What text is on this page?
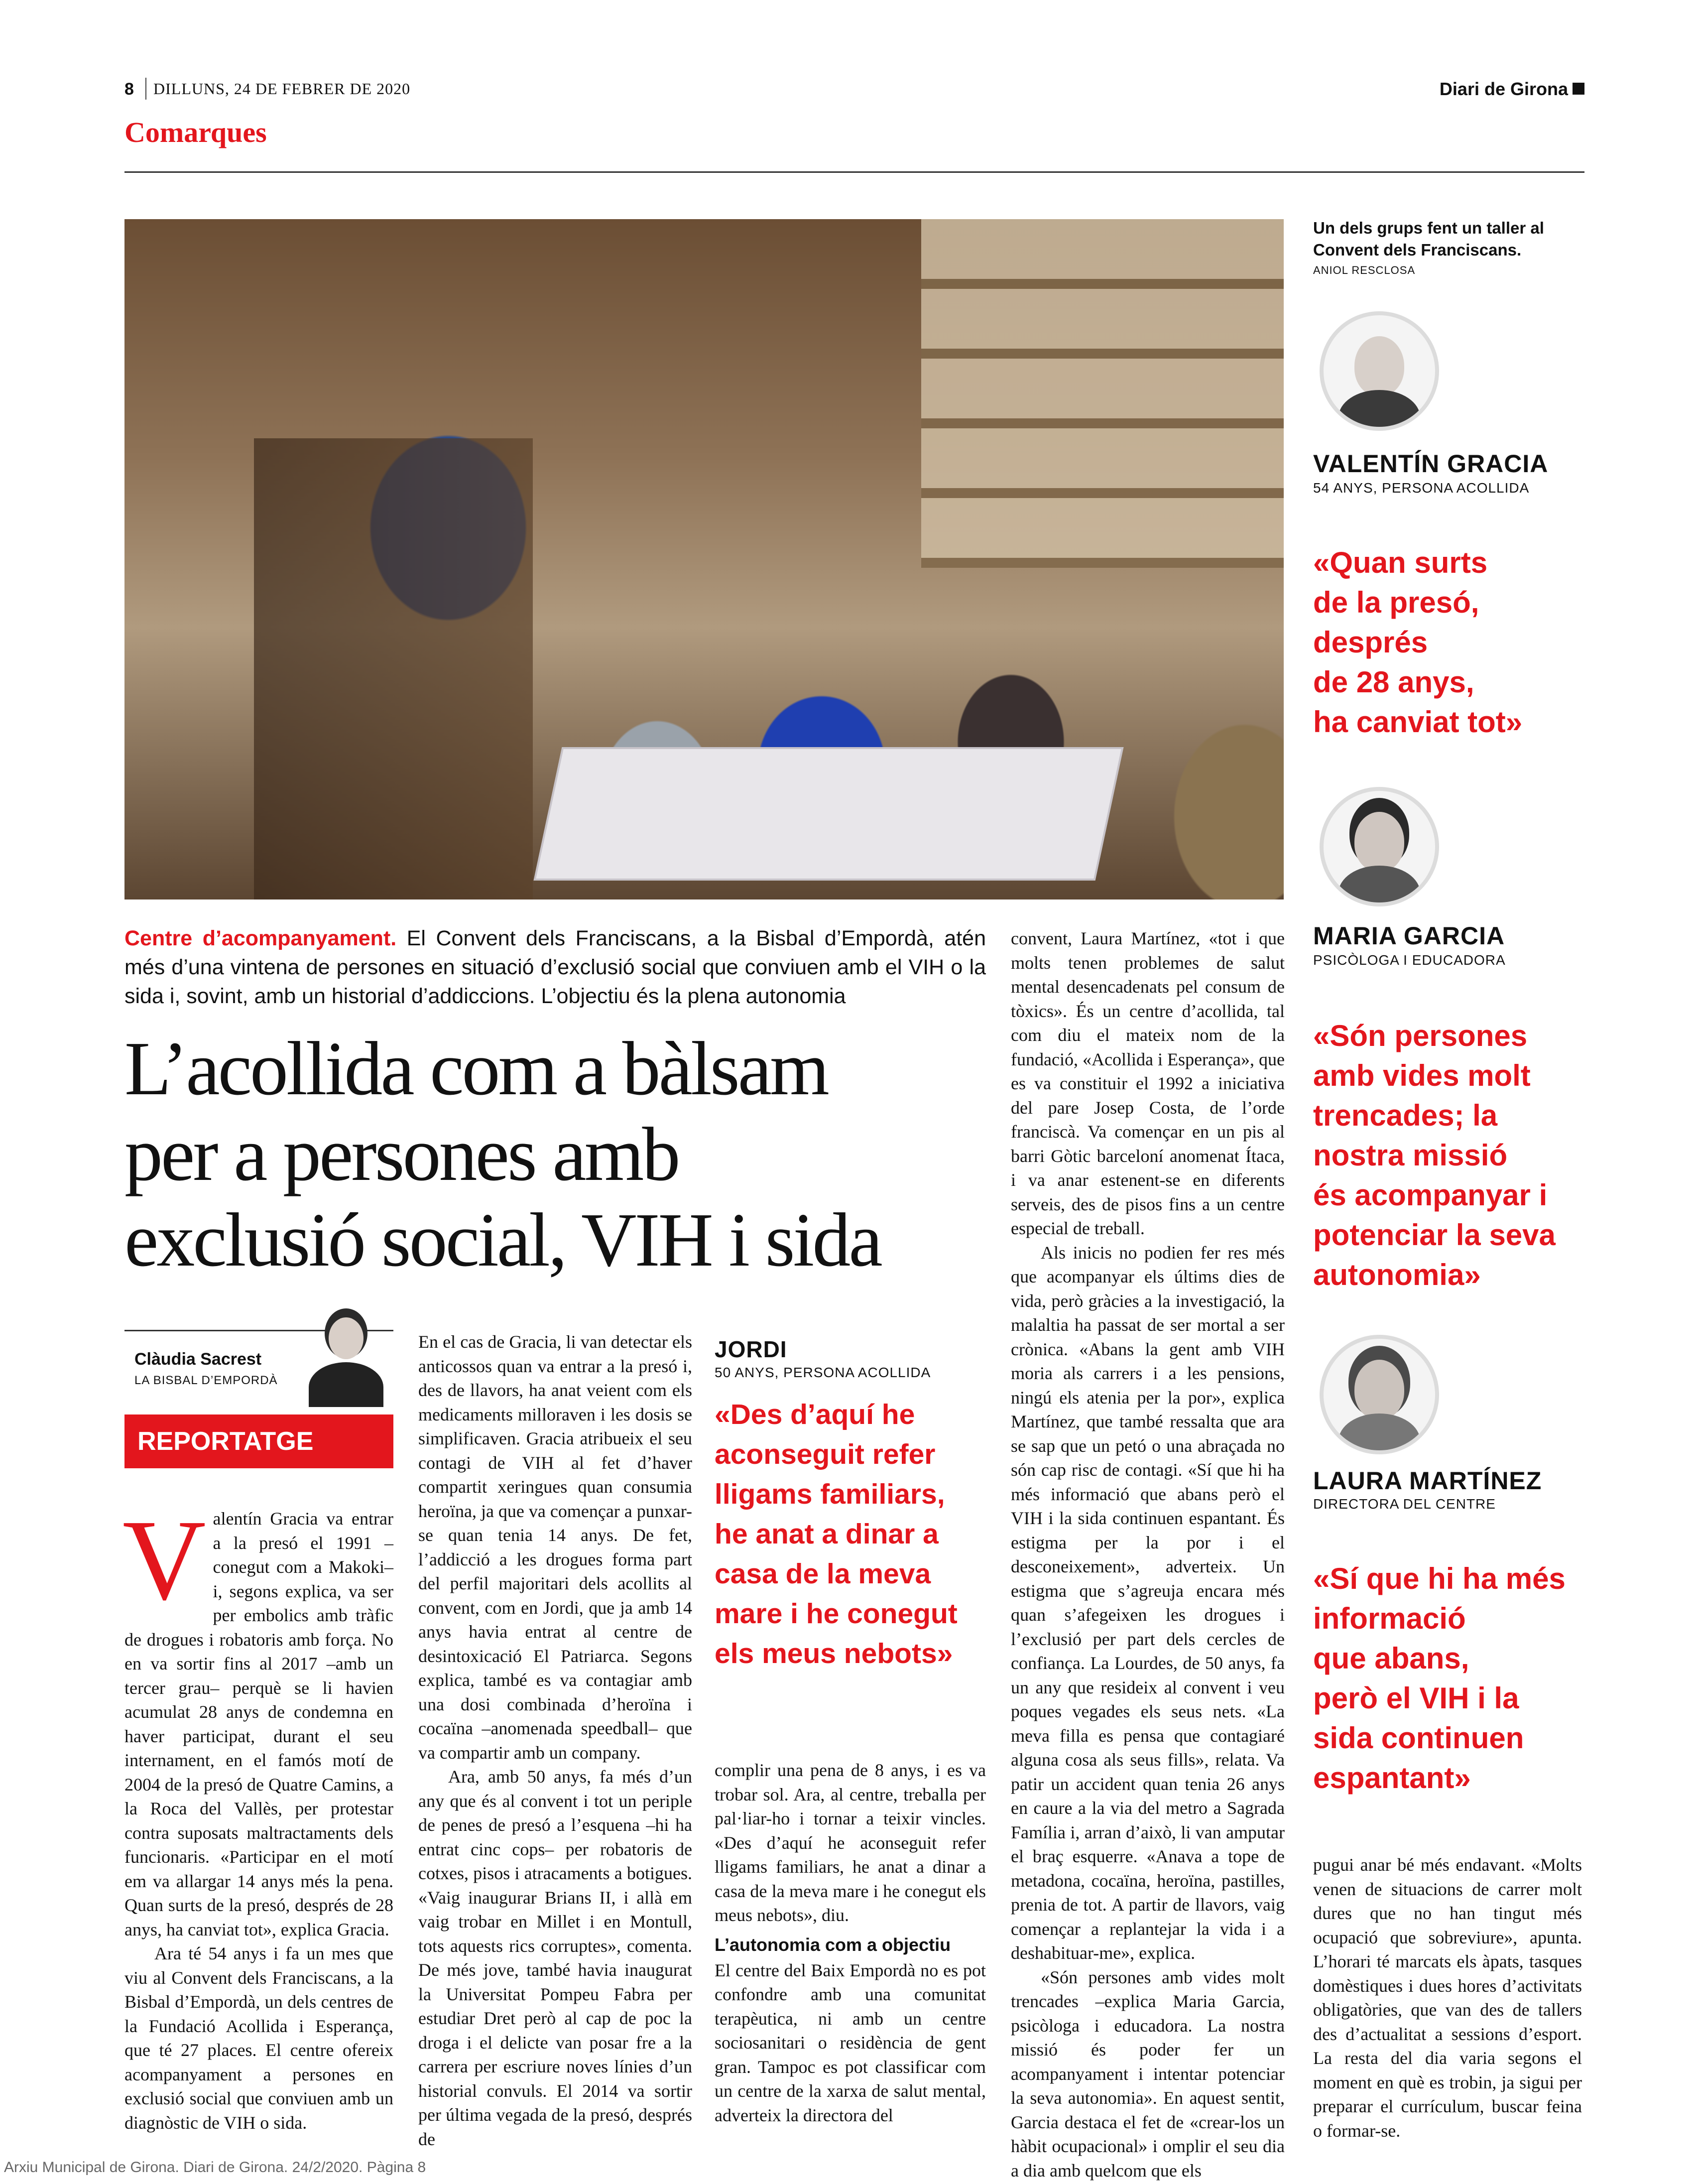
8 DILLUNS, 24 DE FEBRER DE 2020	Diari de Girona
Comarques
Un dels grups fent un taller al Convent dels Franciscans.
ANIOL RESCLOSA
VALENTÍN GRACIA
54 ANYS, PERSONA ACOLLIDA
«Quan surts
de la presó,
després
de 28 anys,
ha canviat tot»
MARIA GARCIA
PSICÒLOGA I EDUCADORA
«Són persones
amb vides molt
trencades; la
nostra missió
és acompanyar i
potenciar la seva
autonomia»
LAURA MARTÍNEZ
DIRECTORA DEL CENTRE
«Sí que hi ha més
informació
que abans,
però el VIH i la
sida continuen
espantant»
Centre d’acompanyament. El Convent dels Franciscans, a la Bisbal d’Empordà, atén més d’una vintena de persones en situació d’exclusió social que conviuen amb el VIH o la sida i, sovint, amb un historial d’addiccions. L’objectiu és la plena autonomia
L’acollida com a bàlsam
per a persones amb
exclusió social, VIH i sida
Clàudia Sacrest
LA BISBAL D’EMPORDÀ
REPORTATGE
V alentín Gracia va entrar a la presó el 1991 –conegut com a Makoki– i, segons explica, va ser per embolics amb tràfic de drogues i robatoris amb força. No en va sortir fins al 2017 –amb un tercer grau– perquè se li havien acumulat 28 anys de condemna en haver participat, durant el seu internament, en el famós motí de 2004 de la presó de Quatre Camins, a la Roca del Vallès, per protestar contra suposats maltractaments dels funcionaris. «Participar en el motí em va allargar 14 anys més la pena. Quan surts de la presó, després de 28 anys, ha canviat tot», explica Gracia.

Ara té 54 anys i fa un mes que viu al Convent dels Franciscans, a la Bisbal d’Empordà, un dels centres de la Fundació Acollida i Esperança, que té 27 places. El centre ofereix acompanyament a persones en exclusió social que conviuen amb un diagnòstic de VIH o sida.

En el cas de Gracia, li van detectar els anticossos quan va entrar a la presó i, des de llavors, ha anat veient com els medicaments milloraven i les dosis se simplificaven. Gracia atribueix el seu contagi de VIH al fet d’haver compartit xeringues quan consumia heroïna, ja que va començar a punxar-se quan tenia 14 anys. De fet, l’addicció a les drogues forma part del perfil majoritari dels acollits al convent, com en Jordi, que ja amb 14 anys havia entrat al centre de desintoxicació El Patriarca. Segons explica, també es va contagiar amb una dosi combinada d’heroïna i cocaïna –anomenada speedball– que va compartir amb un company.

Ara, amb 50 anys, fa més d’un any que és al convent i tot un periple de penes de presó a l’esquena –hi ha entrat cinc cops– per robatoris de cotxes, pisos i atracaments a botigues. «Vaig inaugurar Brians II, i allà em vaig trobar en Millet i en Montull, tots aquests rics corruptes», comenta. De més jove, també havia inaugurat la Universitat Pompeu Fabra per estudiar Dret però al cap de poc la droga i el delicte van posar fre a la carrera per escriure noves línies d’un historial convuls. El 2014 va sortir per última vegada de la presó, després de

JORDI
50 ANYS, PERSONA ACOLLIDA
«Des d’aquí he
aconseguit refer
lligams familiars,
he anat a dinar a
casa de la meva
mare i he conegut
els meus nebots»

complir una pena de 8 anys, i es va trobar sol. Ara, al centre, treballa per pal·liar-ho i tornar a teixir vincles. «Des d’aquí he aconseguit refer lligams familiars, he anat a dinar a casa de la meva mare i he conegut els meus nebots», diu.

L’autonomia com a objectiu

El centre del Baix Empordà no es pot confondre amb una comunitat terapèutica, ni amb un centre sociosanitari o residència de gent gran. Tampoc es pot classificar com un centre de la xarxa de salut mental, adverteix la directora del

convent, Laura Martínez, «tot i que molts tenen problemes de salut mental desencadenats pel consum de tòxics». És un centre d’acollida, tal com diu el mateix nom de la fundació, «Acollida i Esperança», que es va constituir el 1992 a iniciativa del pare Josep Costa, de l’orde franciscà. Va començar en un pis al barri Gòtic barceloní anomenat Ítaca, i va anar estenent-se en diferents serveis, des de pisos fins a un centre especial de treball.

Als inicis no podien fer res més que acompanyar els últims dies de vida, però gràcies a la investigació, la malaltia ha passat de ser mortal a ser crònica. «Abans la gent amb VIH moria als carrers i a les pensions, ningú els atenia per la por», explica Martínez, que també ressalta que ara se sap que un petó o una abraçada no són cap risc de contagi. «Sí que hi ha més informació que abans però el VIH i la sida continuen espantant. És estigma per la por i el desconeixement», adverteix. Un estigma que s’agreuja encara més quan s’afegeixen les drogues i l’exclusió per part dels cercles de confiança. La Lourdes, de 50 anys, fa un any que resideix al convent i veu poques vegades els seus nets. «La meva filla es pensa que contagiaré alguna cosa als seus fills», relata. Va patir un accident quan tenia 26 anys en caure a la via del metro a Sagrada Família i, arran d’això, li van amputar el braç esquerre. «Anava a tope de metadona, cocaïna, heroïna, pastilles, prenia de tot. A partir de llavors, vaig començar a replantejar la vida i a deshabituar-me», explica.

«Són persones amb vides molt trencades –explica Maria Garcia, psicòloga i educadora. La nostra missió és poder fer un acompanyament i intentar potenciar la seva autonomia». En aquest sentit, Garcia destaca el fet de «crear-los un hàbit ocupacional» i omplir el seu dia a dia amb quelcom que els

pugui anar bé més endavant. «Molts venen de situacions de carrer molt dures que no han tingut més ocupació que sobreviure», apunta. L’horari té marcats els àpats, tasques domèstiques i dues hores d’activitats obligatòries, que van des de tallers des d’actualitat a sessions d’esport. La resta del dia varia segons el moment en què es trobin, ja sigui per preparar el currículum, buscar feina o formar-se.

Arxiu Municipal de Girona. Diari de Girona. 24/2/2020. Pàgina 8
